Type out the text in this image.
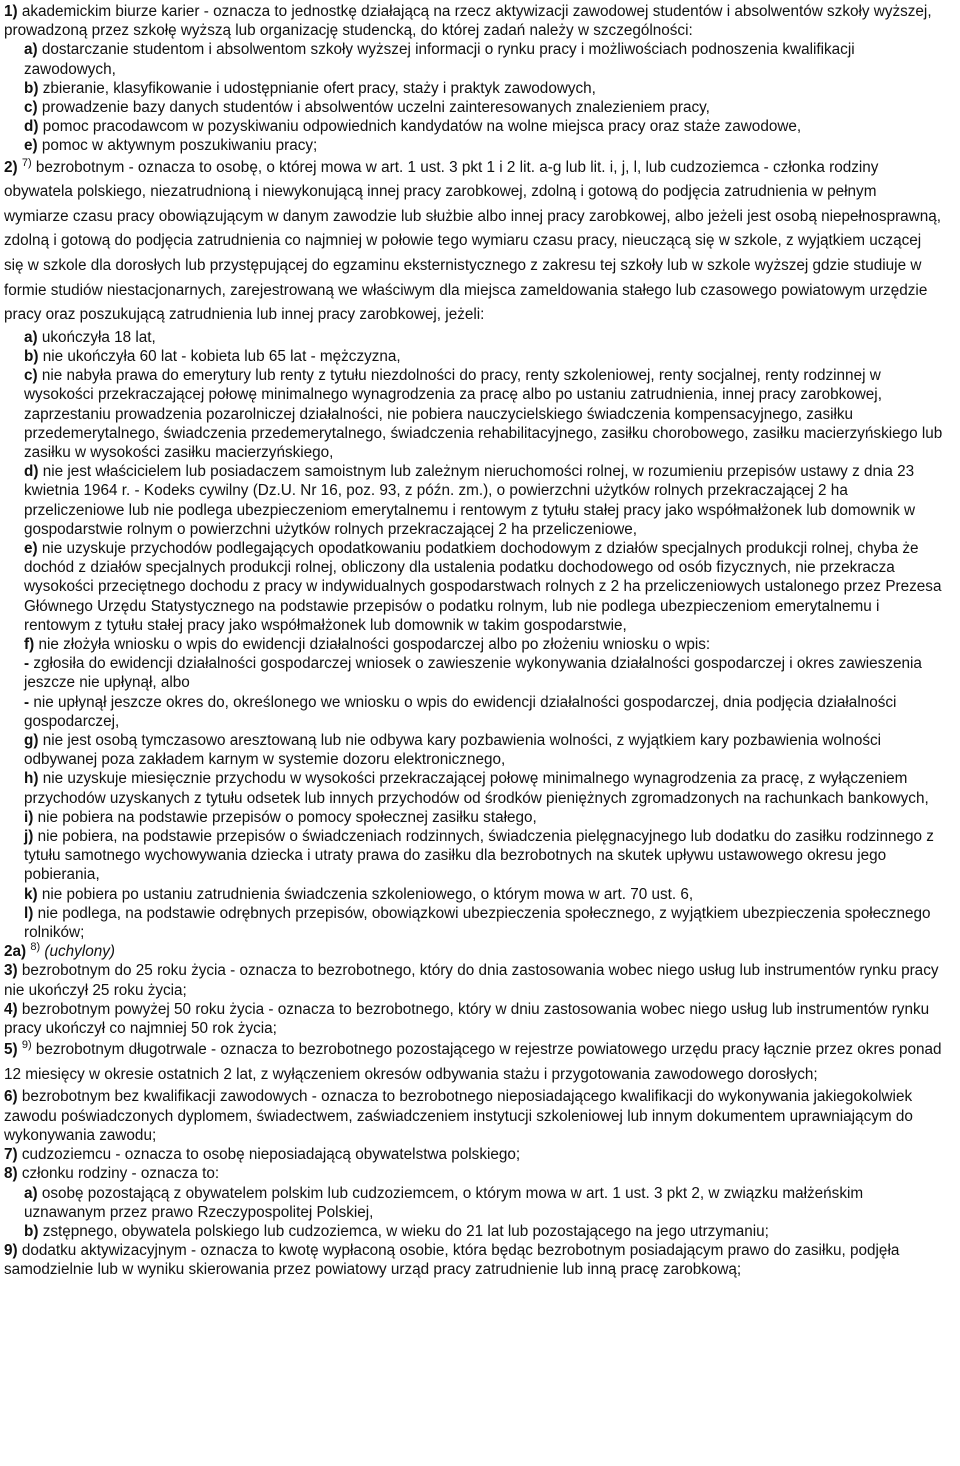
1) akademickim biurze karier - oznacza to jednostkę działającą na rzecz aktywizacji zawodowej studentów i absolwentów szkoły wyższej, prowadzoną przez szkołę wyższą lub organizację studencką, do której zadań należy w szczególności:

a) dostarczanie studentom i absolwentom szkoły wyższej informacji o rynku pracy i możliwościach podnoszenia kwalifikacji zawodowych,

b) zbieranie, klasyfikowanie i udostępnianie ofert pracy, staży i praktyk zawodowych,

c) prowadzenie bazy danych studentów i absolwentów uczelni zainteresowanych znalezieniem pracy,

d) pomoc pracodawcom w pozyskiwaniu odpowiednich kandydatów na wolne miejsca pracy oraz staże zawodowe,

e) pomoc w aktywnym poszukiwaniu pracy;

2) $^{7)}$ bezrobotnym - oznacza to osobę, o której mowa w art. 1 ust. 3 pkt 1 i 2 lit. a-g lub lit. i, j, l, lub cudzoziemca - członka rodziny obywatela polskiego, niezatrudnioną i niewykonującą innej pracy zarobkowej, zdolną i gotową do podjęcia zatrudnienia w pełnym wymiarze czasu pracy obowiązującym w danym zawodzie lub służbie albo innej pracy zarobkowej, albo jeżeli jest osobą niepełnosprawną, zdolną i gotową do podjęcia zatrudnienia co najmniej w połowie tego wymiaru czasu pracy, nieuczącą się w szkole, z wyjątkiem uczącej się w szkole dla dorosłych lub przystępującej do egzaminu eksternistycznego z zakresu tej szkoły lub w szkole wyższej gdzie studiuje w formie studiów niestacjonarnych, zarejestrowaną we właściwym dla miejsca zameldowania stałego lub czasowego powiatowym urzędzie pracy oraz poszukującą zatrudnienia lub innej pracy zarobkowej, jeżeli:

a) ukończyła 18 lat,

b) nie ukończyła 60 lat - kobieta lub 65 lat - mężczyzna,

c) nie nabyła prawa do emerytury lub renty z tytułu niezdolności do pracy, renty szkoleniowej, renty socjalnej, renty rodzinnej w wysokości przekraczającej połowę minimalnego wynagrodzenia za pracę albo po ustaniu zatrudnienia, innej pracy zarobkowej, zaprzestaniu prowadzenia pozarolniczej działalności, nie pobiera nauczycielskiego świadczenia kompensacyjnego, zasiłku przedemerytalnego, świadczenia przedemerytalnego, świadczenia rehabilitacyjnego, zasiłku chorobowego, zasiłku macierzyńskiego lub zasiłku w wysokości zasiłku macierzyńskiego,

d) nie jest właścicielem lub posiadaczem samoistnym lub zależnym nieruchomości rolnej, w rozumieniu przepisów ustawy z dnia 23 kwietnia 1964 r. - Kodeks cywilny (Dz.U. Nr 16, poz. 93, z późn. zm.), o powierzchni użytków rolnych przekraczającej 2 ha przeliczeniowe lub nie podlega ubezpieczeniom emerytalnemu i rentowym z tytułu stałej pracy jako współmałżonek lub domownik w gospodarstwie rolnym o powierzchni użytków rolnych przekraczającej 2 ha przeliczeniowe,

e) nie uzyskuje przychodów podlegających opodatkowaniu podatkiem dochodowym z działów specjalnych produkcji rolnej, chyba że dochód z działów specjalnych produkcji rolnej, obliczony dla ustalenia podatku dochodowego od osób fizycznych, nie przekracza wysokości przeciętnego dochodu z pracy w indywidualnych gospodarstwach rolnych z 2 ha przeliczeniowych ustalonego przez Prezesa Głównego Urzędu Statystycznego na podstawie przepisów o podatku rolnym, lub nie podlega ubezpieczeniom emerytalnemu i rentowym z tytułu stałej pracy jako współmałżonek lub domownik w takim gospodarstwie,

f) nie złożyła wniosku o wpis do ewidencji działalności gospodarczej albo po złożeniu wniosku o wpis:

- zgłosiła do ewidencji działalności gospodarczej wniosek o zawieszenie wykonywania działalności gospodarczej i okres zawieszenia jeszcze nie upłynął, albo

- nie upłynął jeszcze okres do, określonego we wniosku o wpis do ewidencji działalności gospodarczej, dnia podjęcia działalności gospodarczej,

g) nie jest osobą tymczasowo aresztowaną lub nie odbywa kary pozbawienia wolności, z wyjątkiem kary pozbawienia wolności odbywanej poza zakładem karnym w systemie dozoru elektronicznego,

h) nie uzyskuje miesięcznie przychodu w wysokości przekraczającej połowę minimalnego wynagrodzenia za pracę, z wyłączeniem przychodów uzyskanych z tytułu odsetek lub innych przychodów od środków pieniężnych zgromadzonych na rachunkach bankowych,

i) nie pobiera na podstawie przepisów o pomocy społecznej zasiłku stałego,

j) nie pobiera, na podstawie przepisów o świadczeniach rodzinnych, świadczenia pielęgnacyjnego lub dodatku do zasiłku rodzinnego z tytułu samotnego wychowywania dziecka i utraty prawa do zasiłku dla bezrobotnych na skutek upływu ustawowego okresu jego pobierania,

k) nie pobiera po ustaniu zatrudnienia świadczenia szkoleniowego, o którym mowa w art. 70 ust. 6,

l) nie podlega, na podstawie odrębnych przepisów, obowiązkowi ubezpieczenia społecznego, z wyjątkiem ubezpieczenia społecznego rolników;

2a) $^{8)}$ (uchylony)

3) bezrobotnym do 25 roku życia - oznacza to bezrobotnego, który do dnia zastosowania wobec niego usług lub instrumentów rynku pracy nie ukończył 25 roku życia;

4) bezrobotnym powyżej 50 roku życia - oznacza to bezrobotnego, który w dniu zastosowania wobec niego usług lub instrumentów rynku pracy ukończył co najmniej 50 rok życia;

5) $^{9)}$ bezrobotnym długotrwale - oznacza to bezrobotnego pozostającego w rejestrze powiatowego urzędu pracy łącznie przez okres ponad 12 miesięcy w okresie ostatnich 2 lat, z wyłączeniem okresów odbywania stażu i przygotowania zawodowego dorosłych;

6) bezrobotnym bez kwalifikacji zawodowych - oznacza to bezrobotnego nieposiadającego kwalifikacji do wykonywania jakiegokolwiek zawodu poświadczonych dyplomem, świadectwem, zaświadczeniem instytucji szkoleniowej lub innym dokumentem uprawniającym do wykonywania zawodu;

7) cudzoziemcu - oznacza to osobę nieposiadającą obywatelstwa polskiego;

8) członku rodziny - oznacza to:

a) osobę pozostającą z obywatelem polskim lub cudzoziemcem, o którym mowa w art. 1 ust. 3 pkt 2, w związku małżeńskim uznawanym przez prawo Rzeczypospolitej Polskiej,

b) zstępnego, obywatela polskiego lub cudzoziemca, w wieku do 21 lat lub pozostającego na jego utrzymaniu;

9) dodatku aktywizacyjnym - oznacza to kwotę wypłaconą osobie, która będąc bezrobotnym posiadającym prawo do zasiłku, podjęła samodzielnie lub w wyniku skierowania przez powiatowy urząd pracy zatrudnienie lub inną pracę zarobkową;
